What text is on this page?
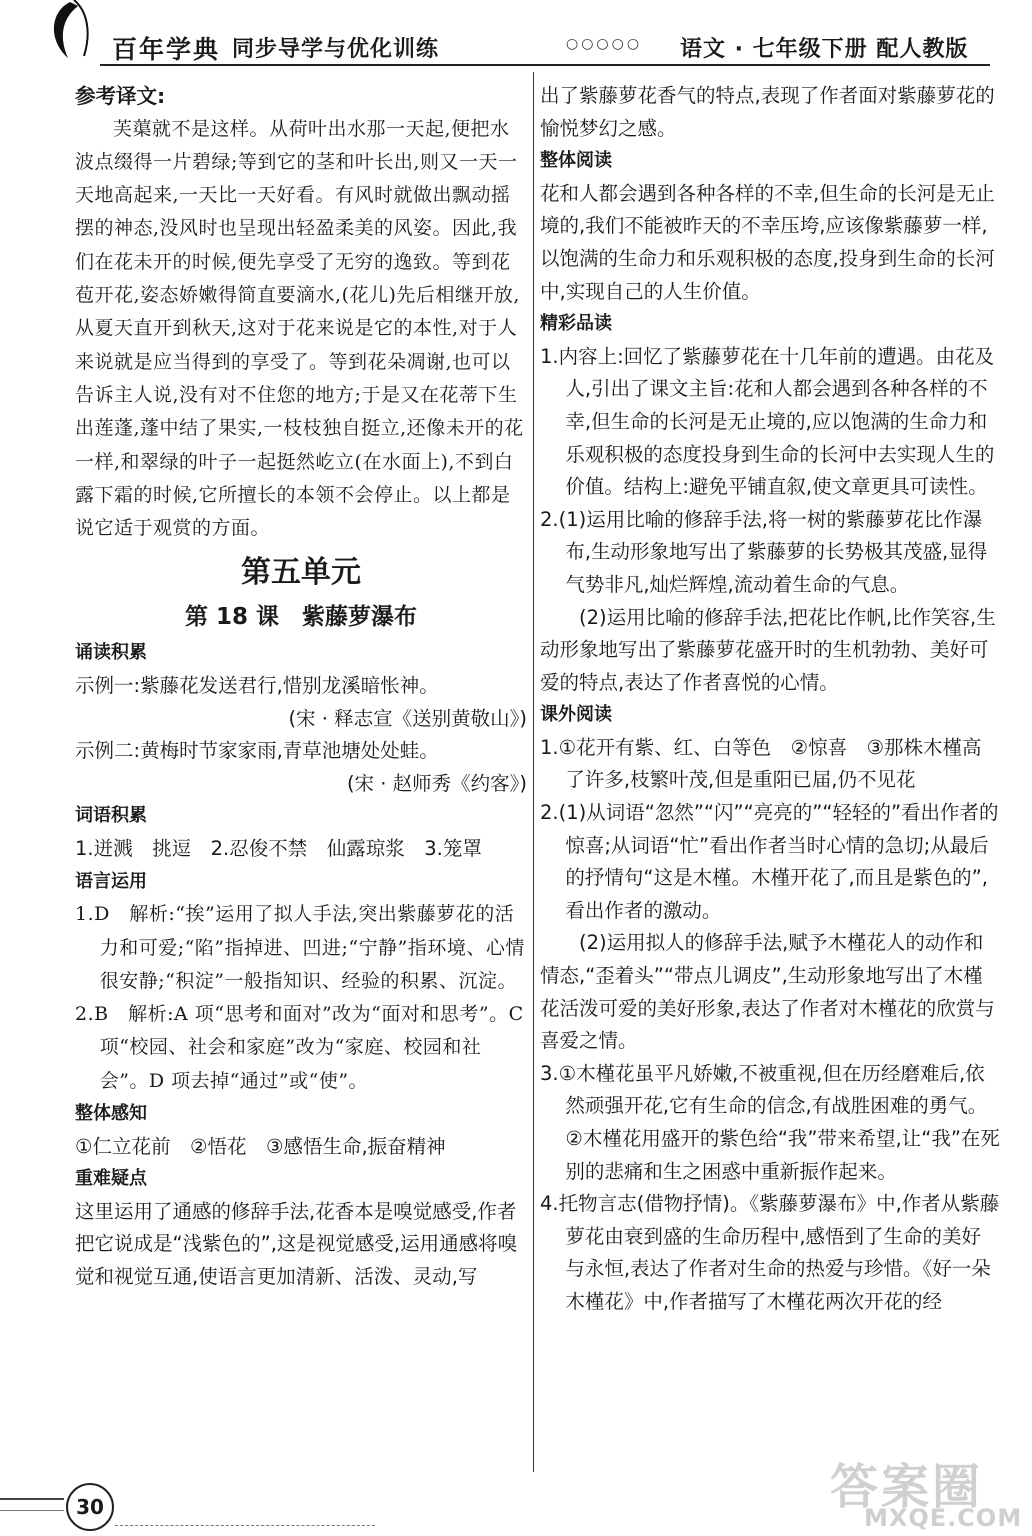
百年学典 同步导学与优化训练	○○○○○ 语文 · 七年级下册 配人教版

参考译文:

芙蕖就不是这样。从荷叶出水那一天起,便把水波点缀得一片碧绿;等到它的茎和叶长出,则又一天一天地高起来,一天比一天好看。有风时就做出飘动摇摆的神态,没风时也呈现出轻盈柔美的风姿。因此,我们在花未开的时候,便先享受了无穷的逸致。等到花苞开花,姿态娇嫩得简直要滴水,(花儿)先后相继开放,从夏天直开到秋天,这对于花来说是它的本性,对于人来说就是应当得到的享受了。等到花朵凋谢,也可以告诉主人说,没有对不住您的地方;于是又在花蒂下生出莲蓬,蓬中结了果实,一枝枝独自挺立,还像未开的花一样,和翠绿的叶子一起挺然屹立(在水面上),不到白露下霜的时候,它所擅长的本领不会停止。以上都是说它适于观赏的方面。

第五单元

第 18 课　紫藤萝瀑布

诵读积累

示例一:紫藤花发送君行,惜别龙溪暗怅神。

(宋 · 释志宣《送别黄敬山》)

示例二:黄梅时节家家雨,青草池塘处处蛙。

(宋 · 赵师秀《约客》)

词语积累

1.迸溅　挑逗　2.忍俊不禁　仙露琼浆　3.笼罩

语言运用

1.D　解析:“挨”运用了拟人手法,突出紫藤萝花的活力和可爱;“陷”指掉进、凹进;“宁静”指环境、心情很安静;“积淀”一般指知识、经验的积累、沉淀。

2.B　解析:A 项“思考和面对”改为“面对和思考”。C 项“校园、社会和家庭”改为“家庭、校园和社会”。D 项去掉“通过”或“使”。

整体感知

①仁立花前　②悟花　③感悟生命,振奋精神

重难疑点

这里运用了通感的修辞手法,花香本是嗅觉感受,作者把它说成是“浅紫色的”,这是视觉感受,运用通感将嗅觉和视觉互通,使语言更加清新、活泼、灵动,写

出了紫藤萝花香气的特点,表现了作者面对紫藤萝花的愉悦梦幻之感。

整体阅读

花和人都会遇到各种各样的不幸,但生命的长河是无止境的,我们不能被昨天的不幸压垮,应该像紫藤萝一样,以饱满的生命力和乐观积极的态度,投身到生命的长河中,实现自己的人生价值。

精彩品读

1.内容上:回忆了紫藤萝花在十几年前的遭遇。由花及人,引出了课文主旨:花和人都会遇到各种各样的不幸,但生命的长河是无止境的,应以饱满的生命力和乐观积极的态度投身到生命的长河中去实现人生的价值。结构上:避免平铺直叙,使文章更具可读性。

2.(1)运用比喻的修辞手法,将一树的紫藤萝花比作瀑布,生动形象地写出了紫藤萝的长势极其茂盛,显得气势非凡,灿烂辉煌,流动着生命的气息。

(2)运用比喻的修辞手法,把花比作帆,比作笑容,生动形象地写出了紫藤萝花盛开时的生机勃勃、美好可爱的特点,表达了作者喜悦的心情。

课外阅读

1.①花开有紫、红、白等色　②惊喜　③那株木槿高了许多,枝繁叶茂,但是重阳已届,仍不见花

2.(1)从词语“忽然”“闪”“亮亮的”“轻轻的”看出作者的惊喜;从词语“忙”看出作者当时心情的急切;从最后的抒情句“这是木槿。木槿开花了,而且是紫色的”,看出作者的激动。

(2)运用拟人的修辞手法,赋予木槿花人的动作和情态,“歪着头”“带点儿调皮”,生动形象地写出了木槿花活泼可爱的美好形象,表达了作者对木槿花的欣赏与喜爱之情。

3.①木槿花虽平凡娇嫩,不被重视,但在历经磨难后,依然顽强开花,它有生命的信念,有战胜困难的勇气。②木槿花用盛开的紫色给“我”带来希望,让“我”在死别的悲痛和生之困惑中重新振作起来。

4.托物言志(借物抒情)。《紫藤萝瀑布》中,作者从紫藤萝花由衰到盛的生命历程中,感悟到了生命的美好与永恒,表达了作者对生命的热爱与珍惜。《好一朵木槿花》中,作者描写了木槿花两次开花的经

30	答案圈
MXQE.COM
